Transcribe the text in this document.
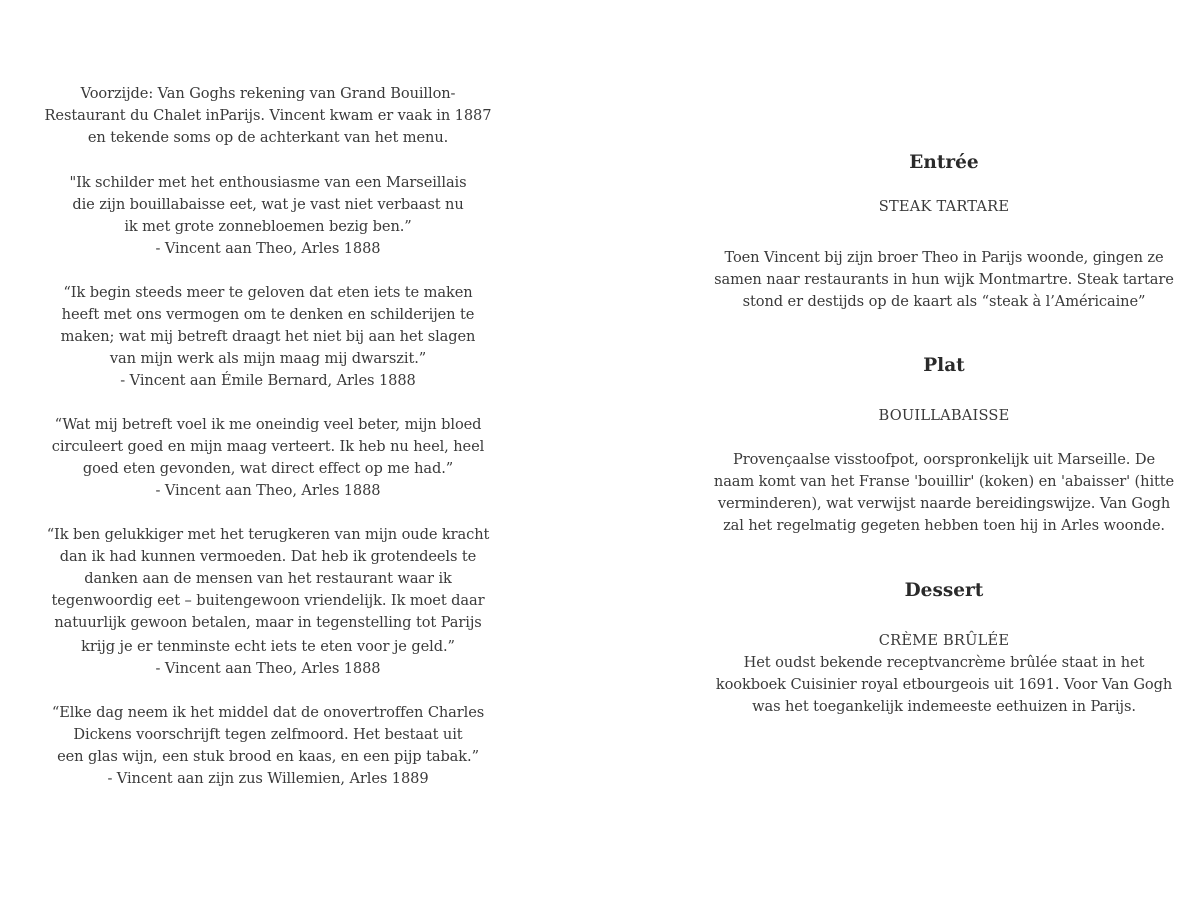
Voorzijde: Van Goghs rekening van Grand Bouillon-
Restaurant du Chalet inParijs. Vincent kwam er vaak in 1887
en tekende soms op de achterkant van het menu.
"Ik schilder met het enthousiasme van een Marseillais
die zijn bouillabaisse eet, wat je vast niet verbaast nu
ik met grote zonnebloemen bezig ben.”
- Vincent aan Theo, Arles 1888
“Ik begin steeds meer te geloven dat eten iets te maken
heeft met ons vermogen om te denken en schilderijen te
maken; wat mij betreft draagt het niet bij aan het slagen
van mijn werk als mijn maag mij dwarszit.”
- Vincent aan Émile Bernard, Arles 1888
“Wat mij betreft voel ik me oneindig veel beter, mijn bloed
circuleert goed en mijn maag verteert. Ik heb nu heel, heel
goed eten gevonden, wat direct effect op me had.”
- Vincent aan Theo, Arles 1888
“Ik ben gelukkiger met het terugkeren van mijn oude kracht
dan ik had kunnen vermoeden. Dat heb ik grotendeels te
danken aan de mensen van het restaurant waar ik
tegenwoordig eet – buitengewoon vriendelijk. Ik moet daar
natuurlijk gewoon betalen, maar in tegenstelling tot Parijs
krijg je er tenminste echt iets te eten voor je geld.”
- Vincent aan Theo, Arles 1888
“Elke dag neem ik het middel dat de onovertroffen Charles
Dickens voorschrijft tegen zelfmoord. Het bestaat uit
een glas wijn, een stuk brood en kaas, en een pijp tabak.”
- Vincent aan zijn zus Willemien, Arles 1889
Entrée
STEAK TARTARE
Toen Vincent bij zijn broer Theo in Parijs woonde, gingen ze
samen naar restaurants in hun wijk Montmartre. Steak tartare
stond er destijds op de kaart als “steak à l’Américaine”
Plat
BOUILLABAISSE
Provençaalse visstoofpot, oorspronkelijk uit Marseille. De
naam komt van het Franse 'bouillir' (koken) en 'abaisser' (hitte
verminderen), wat verwijst naarde bereidingswijze. Van Gogh
zal het regelmatig gegeten hebben toen hij in Arles woonde.
Dessert
CRÈME BRÛLÉE
Het oudst bekende receptvancrème brûlée staat in het
kookboek Cuisinier royal etbourgeois uit 1691. Voor Van Gogh
was het toegankelijk indemeeste eethuizen in Parijs.
